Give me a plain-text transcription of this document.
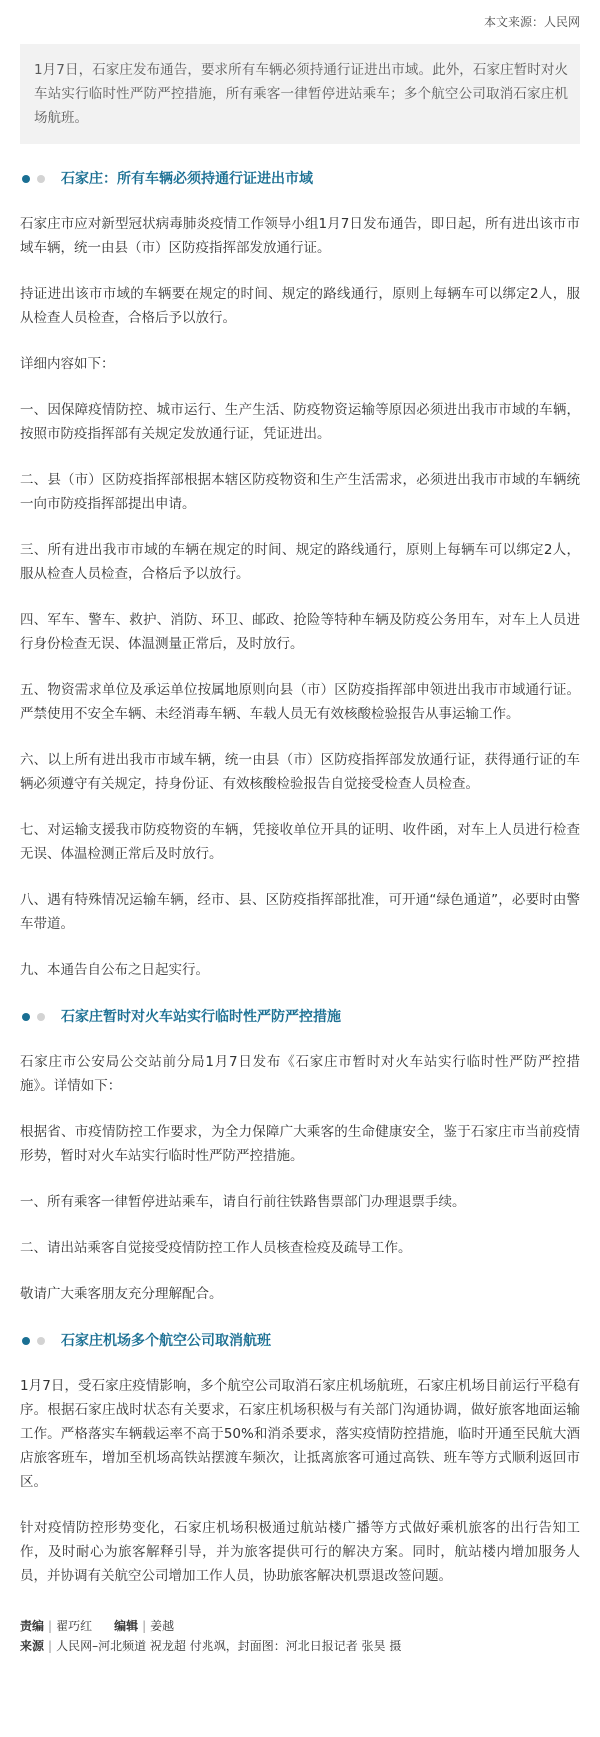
本文来源：人民网
1月7日，石家庄发布通告，要求所有车辆必须持通行证进出市域。此外，石家庄暂时对火车站实行临时性严防严控措施，所有乘客一律暂停进站乘车；多个航空公司取消石家庄机场航班。
石家庄：所有车辆必须持通行证进出市域

石家庄市应对新型冠状病毒肺炎疫情工作领导小组1月7日发布通告，即日起，所有进出该市市域车辆，统一由县（市）区防疫指挥部发放通行证。

持证进出该市市域的车辆要在规定的时间、规定的路线通行，原则上每辆车可以绑定2人，服从检查人员检查，合格后予以放行。

详细内容如下：

一、因保障疫情防控、城市运行、生产生活、防疫物资运输等原因必须进出我市市域的车辆，按照市防疫指挥部有关规定发放通行证，凭证进出。

二、县（市）区防疫指挥部根据本辖区防疫物资和生产生活需求，必须进出我市市域的车辆统一向市防疫指挥部提出申请。

三、所有进出我市市域的车辆在规定的时间、规定的路线通行，原则上每辆车可以绑定2人，服从检查人员检查，合格后予以放行。

四、军车、警车、救护、消防、环卫、邮政、抢险等特种车辆及防疫公务用车，对车上人员进行身份检查无误、体温测量正常后，及时放行。

五、物资需求单位及承运单位按属地原则向县（市）区防疫指挥部申领进出我市市域通行证。严禁使用不安全车辆、未经消毒车辆、车载人员无有效核酸检验报告从事运输工作。

六、以上所有进出我市市域车辆，统一由县（市）区防疫指挥部发放通行证，获得通行证的车辆必须遵守有关规定，持身份证、有效核酸检验报告自觉接受检查人员检查。

七、对运输支援我市防疫物资的车辆，凭接收单位开具的证明、收件函，对车上人员进行检查无误、体温检测正常后及时放行。

八、遇有特殊情况运输车辆，经市、县、区防疫指挥部批准，可开通“绿色通道”，必要时由警车带道。

九、本通告自公布之日起实行。

石家庄暂时对火车站实行临时性严防严控措施

石家庄市公安局公交站前分局1月7日发布《石家庄市暂时对火车站实行临时性严防严控措施》。详情如下：

根据省、市疫情防控工作要求，为全力保障广大乘客的生命健康安全，鉴于石家庄市当前疫情形势，暂时对火车站实行临时性严防严控措施。

一、所有乘客一律暂停进站乘车，请自行前往铁路售票部门办理退票手续。

二、请出站乘客自觉接受疫情防控工作人员核查检疫及疏导工作。

敬请广大乘客朋友充分理解配合。

石家庄机场多个航空公司取消航班

1月7日，受石家庄疫情影响，多个航空公司取消石家庄机场航班，石家庄机场目前运行平稳有序。根据石家庄战时状态有关要求，石家庄机场积极与有关部门沟通协调，做好旅客地面运输工作。严格落实车辆载运率不高于50%和消杀要求，落实疫情防控措施，临时开通至民航大酒店旅客班车，增加至机场高铁站摆渡车频次，让抵离旅客可通过高铁、班车等方式顺利返回市区。

针对疫情防控形势变化，石家庄机场积极通过航站楼广播等方式做好乘机旅客的出行告知工作，及时耐心为旅客解释引导，并为旅客提供可行的解决方案。同时，航站楼内增加服务人员，并协调有关航空公司增加工作人员，协助旅客解决机票退改签问题。

责编 | 翟巧红 编辑 | 姜越
来源 | 人民网–河北频道 祝龙超 付兆飒，封面图：河北日报记者 张昊 摄
